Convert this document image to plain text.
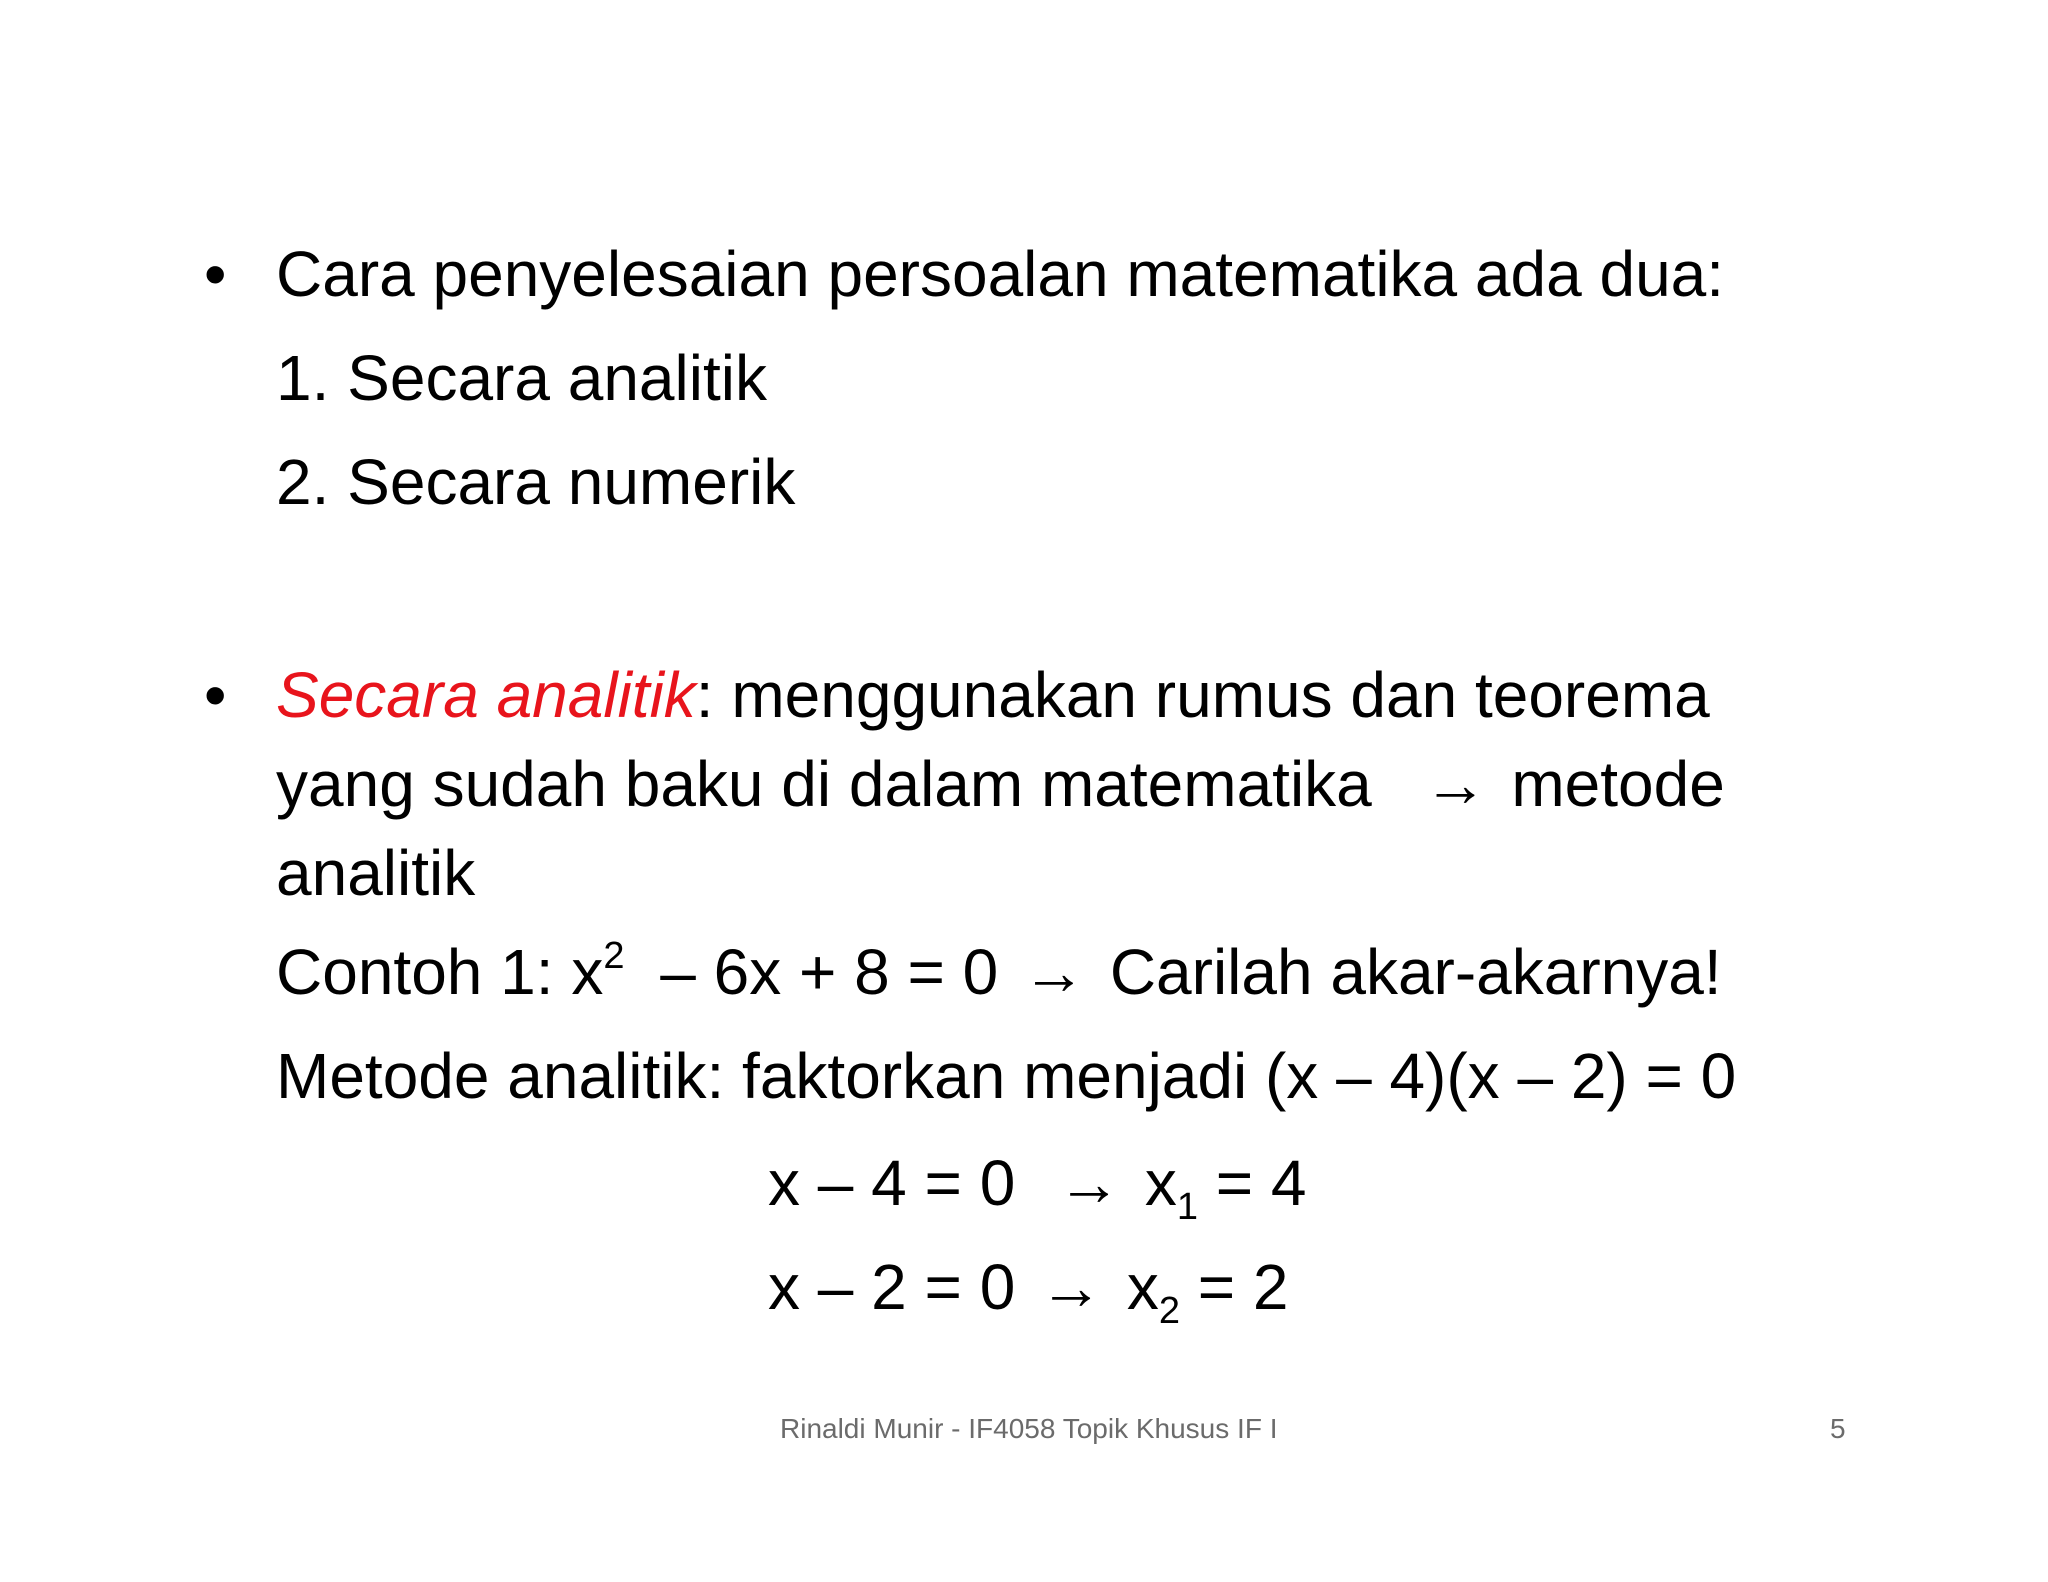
• Cara penyelesaian persoalan matematika ada dua:
1. Secara analitik
2. Secara numerik
• Secara analitik: menggunakan rumus dan teorema
yang sudah baku di dalam matematika → metode
analitik
Contoh 1: $x^2 - 6x + 8 = 0$ → Carilah akar-akarnya!
Metode analitik: faktorkan menjadi (x – 4)(x – 2) = 0
$x - 4 = 0 \to x_1 = 4$
$x - 2 = 0 \to x_2 = 2$
Rinaldi Munir - IF4058 Topik Khusus IF I	5
